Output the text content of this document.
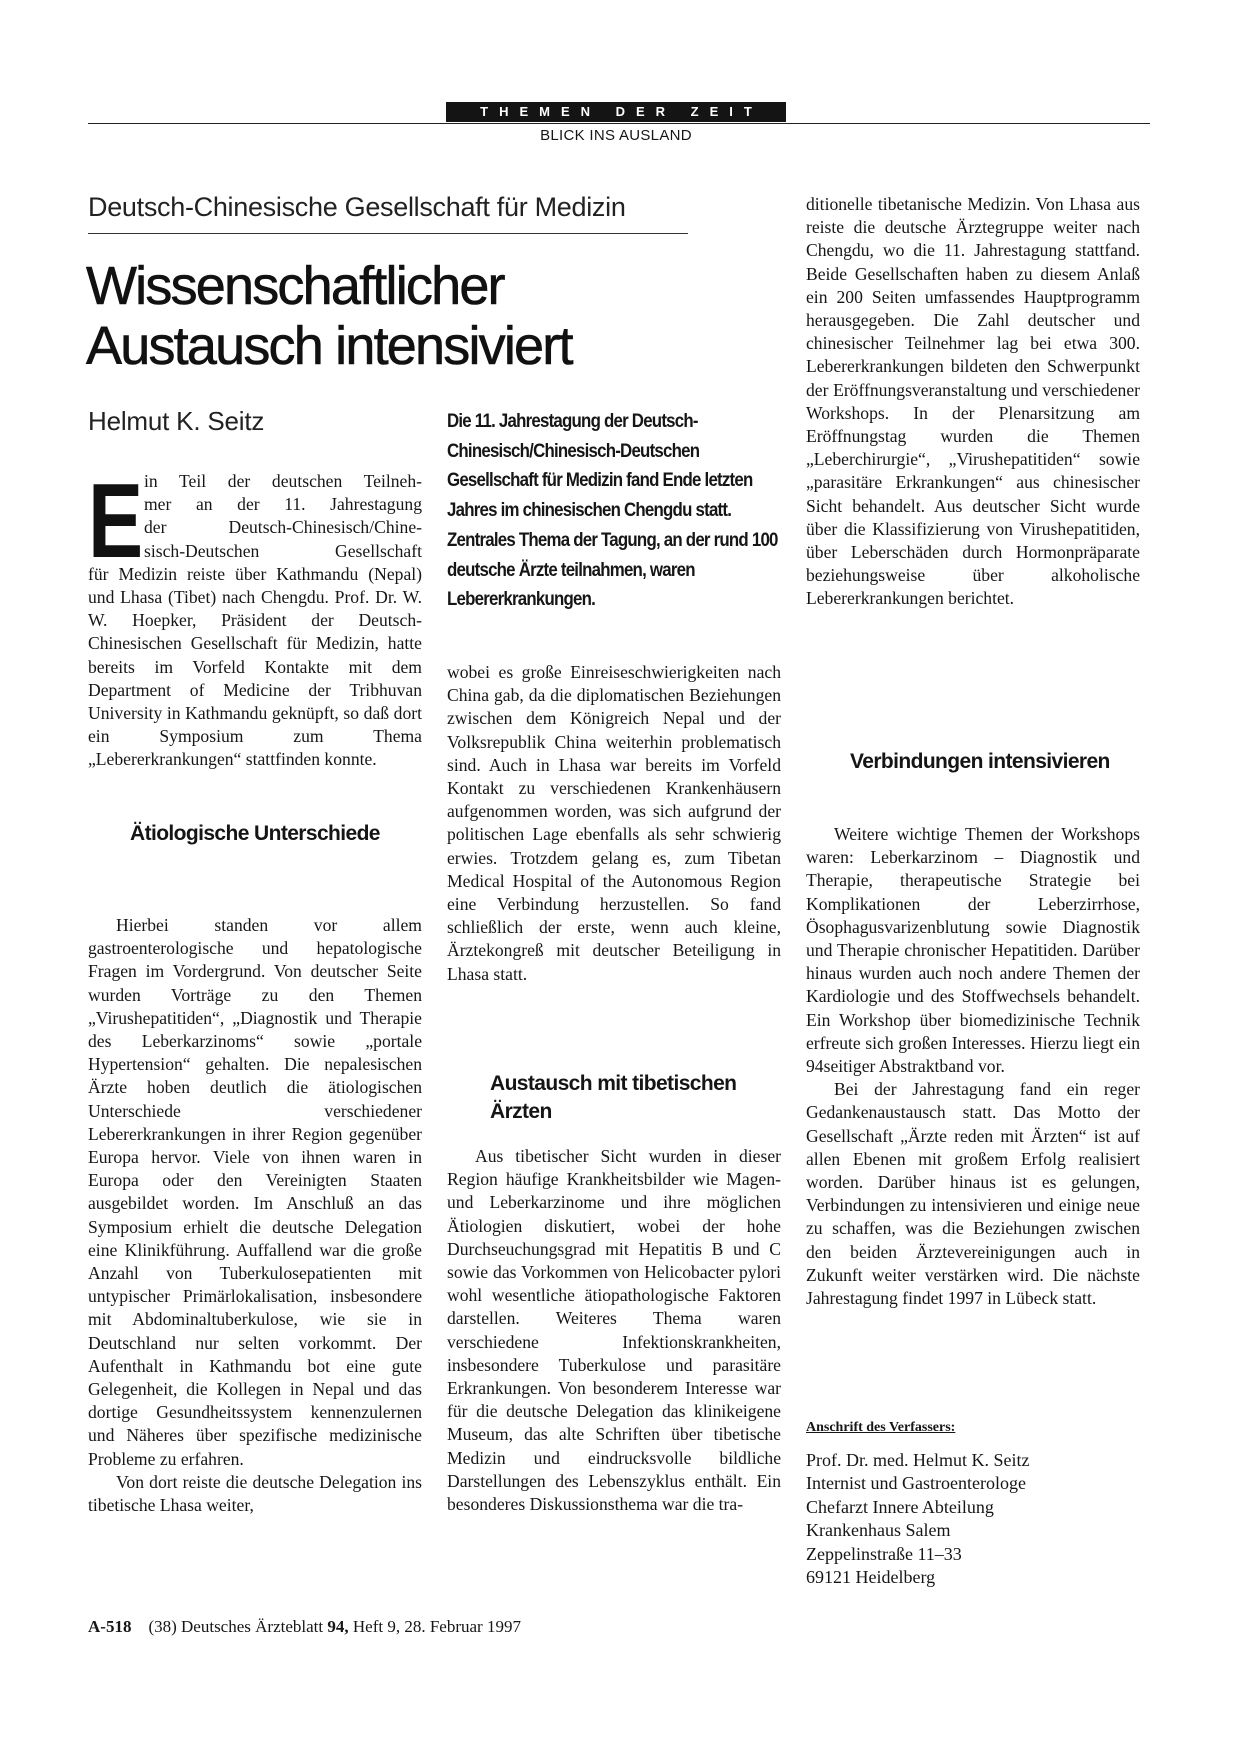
THEMEN DER ZEIT
BLICK INS AUSLAND
Deutsch-Chinesische Gesellschaft für Medizin
Wissenschaftlicher
Austausch intensiviert
Helmut K. Seitz	Die 11. Jahrestagung der Deutsch-Chinesisch/Chinesisch-Deutschen Gesellschaft für Medizin fand Ende letzten Jahres im chinesischen Chengdu statt. Zentrales Thema der Tagung, an der rund 100 deutsche Ärzte teilnahmen, waren Lebererkrankungen.
E in Teil der deutschen Teilneh-
mer an der 11. Jahrestagung
der Deutsch-Chinesisch/Chine-
sisch-Deutschen Gesellschaft

für Medizin reiste über Kathmandu (Nepal) und Lhasa (Tibet) nach Chengdu. Prof. Dr. W. W. Hoepker, Präsident der Deutsch-Chinesischen Gesellschaft für Medizin, hatte bereits im Vorfeld Kontakte mit dem Department of Medicine der Tribhuvan University in Kathmandu geknüpft, so daß dort ein Symposium zum Thema „Lebererkrankungen“ stattfinden konnte.

Ätiologische Unterschiede

Hierbei standen vor allem gastroenterologische und hepatologische Fragen im Vordergrund. Von deutscher Seite wurden Vorträge zu den Themen „Virushepatitiden“, „Diagnostik und Therapie des Leberkarzinoms“ sowie „portale Hypertension“ gehalten. Die nepalesischen Ärzte hoben deutlich die ätiologischen Unterschiede verschiedener Lebererkrankungen in ihrer Region gegenüber Europa hervor. Viele von ihnen waren in Europa oder den Vereinigten Staaten ausgebildet worden. Im Anschluß an das Symposium erhielt die deutsche Delegation eine Klinikführung. Auffallend war die große Anzahl von Tuberkulosepatienten mit untypischer Primärlokalisation, insbesondere mit Abdominaltuberkulose, wie sie in Deutschland nur selten vorkommt. Der Aufenthalt in Kathmandu bot eine gute Gelegenheit, die Kollegen in Nepal und das dortige Gesundheitssystem kennenzulernen und Näheres über spezifische medizinische Probleme zu erfahren.

Von dort reiste die deutsche Delegation ins tibetische Lhasa weiter,

wobei es große Einreiseschwierigkeiten nach China gab, da die diplomatischen Beziehungen zwischen dem Königreich Nepal und der Volksrepublik China weiterhin problematisch sind. Auch in Lhasa war bereits im Vorfeld Kontakt zu verschiedenen Krankenhäusern aufgenommen worden, was sich aufgrund der politischen Lage ebenfalls als sehr schwierig erwies. Trotzdem gelang es, zum Tibetan Medical Hospital of the Autonomous Region eine Verbindung herzustellen. So fand schließlich der erste, wenn auch kleine, Ärztekongreß mit deutscher Beteiligung in Lhasa statt.

Austausch mit tibetischen Ärzten

Aus tibetischer Sicht wurden in dieser Region häufige Krankheitsbilder wie Magen- und Leberkarzinome und ihre möglichen Ätiologien diskutiert, wobei der hohe Durchseuchungsgrad mit Hepatitis B und C sowie das Vorkommen von Helicobacter pylori wohl wesentliche ätiopathologische Faktoren darstellen. Weiteres Thema waren verschiedene Infektionskrankheiten, insbesondere Tuberkulose und parasitäre Erkrankungen. Von besonderem Interesse war für die deutsche Delegation das klinikeigene Museum, das alte Schriften über tibetische Medizin und eindrucksvolle bildliche Darstellungen des Lebenszyklus enthält. Ein besonderes Diskussionsthema war die tra-

ditionelle tibetanische Medizin. Von Lhasa aus reiste die deutsche Ärztegruppe weiter nach Chengdu, wo die 11. Jahrestagung stattfand. Beide Gesellschaften haben zu diesem Anlaß ein 200 Seiten umfassendes Hauptprogramm herausgegeben. Die Zahl deutscher und chinesischer Teilnehmer lag bei etwa 300. Lebererkrankungen bildeten den Schwerpunkt der Eröffnungsveranstaltung und verschiedener Workshops. In der Plenarsitzung am Eröffnungstag wurden die Themen „Leberchirurgie“, „Virushepatitiden“ sowie „parasitäre Erkrankungen“ aus chinesischer Sicht behandelt. Aus deutscher Sicht wurde über die Klassifizierung von Virushepatitiden, über Leberschäden durch Hormonpräparate beziehungsweise über alkoholische Lebererkrankungen berichtet.

Verbindungen intensivieren

Weitere wichtige Themen der Workshops waren: Leberkarzinom – Diagnostik und Therapie, therapeutische Strategie bei Komplikationen der Leberzirrhose, Ösophagusvarizenblutung sowie Diagnostik und Therapie chronischer Hepatitiden. Darüber hinaus wurden auch noch andere Themen der Kardiologie und des Stoffwechsels behandelt. Ein Workshop über biomedizinische Technik erfreute sich großen Interesses. Hierzu liegt ein 94seitiger Abstraktband vor.

Bei der Jahrestagung fand ein reger Gedankenaustausch statt. Das Motto der Gesellschaft „Ärzte reden mit Ärzten“ ist auf allen Ebenen mit großem Erfolg realisiert worden. Darüber hinaus ist es gelungen, Verbindungen zu intensivieren und einige neue zu schaffen, was die Beziehungen zwischen den beiden Ärztevereinigungen auch in Zukunft weiter verstärken wird. Die nächste Jahrestagung findet 1997 in Lübeck statt.

Anschrift des Verfassers:
Prof. Dr. med. Helmut K. Seitz
Internist und Gastroenterologe
Chefarzt Innere Abteilung
Krankenhaus Salem
Zeppelinstraße 11–33
69121 Heidelberg
A-518 (38) Deutsches Ärzteblatt 94, Heft 9, 28. Februar 1997
